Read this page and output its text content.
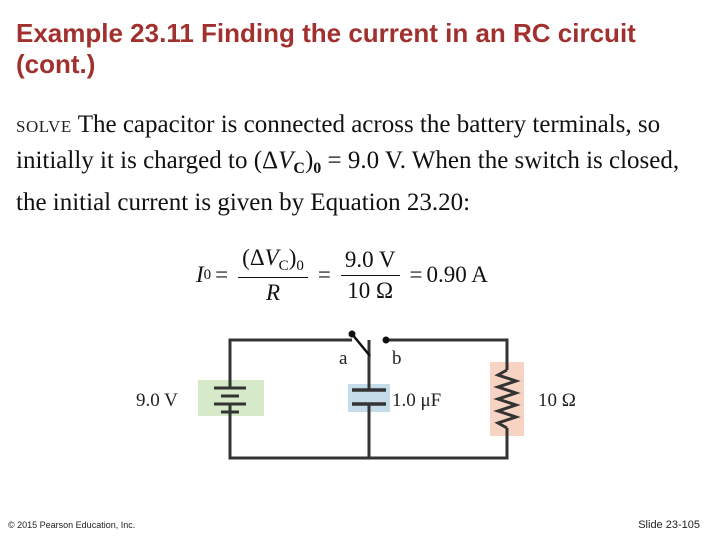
Example 23.11 Finding the current in an RC circuit (cont.)
SOLVE The capacitor is connected across the battery terminals, so initially it is charged to $(\Delta V_C)_0 = 9.0$ V. When the switch is closed, the initial current is given by Equation 23.20:
I $0 = \frac{(\Delta V_C)_0}{R} = \frac{9.0 V}{10 \Omega} = 0.90$ A
9.0 V
a b
1.0 μF	10 Ω
© 2015 Pearson Education, Inc.	Slide 23-105
